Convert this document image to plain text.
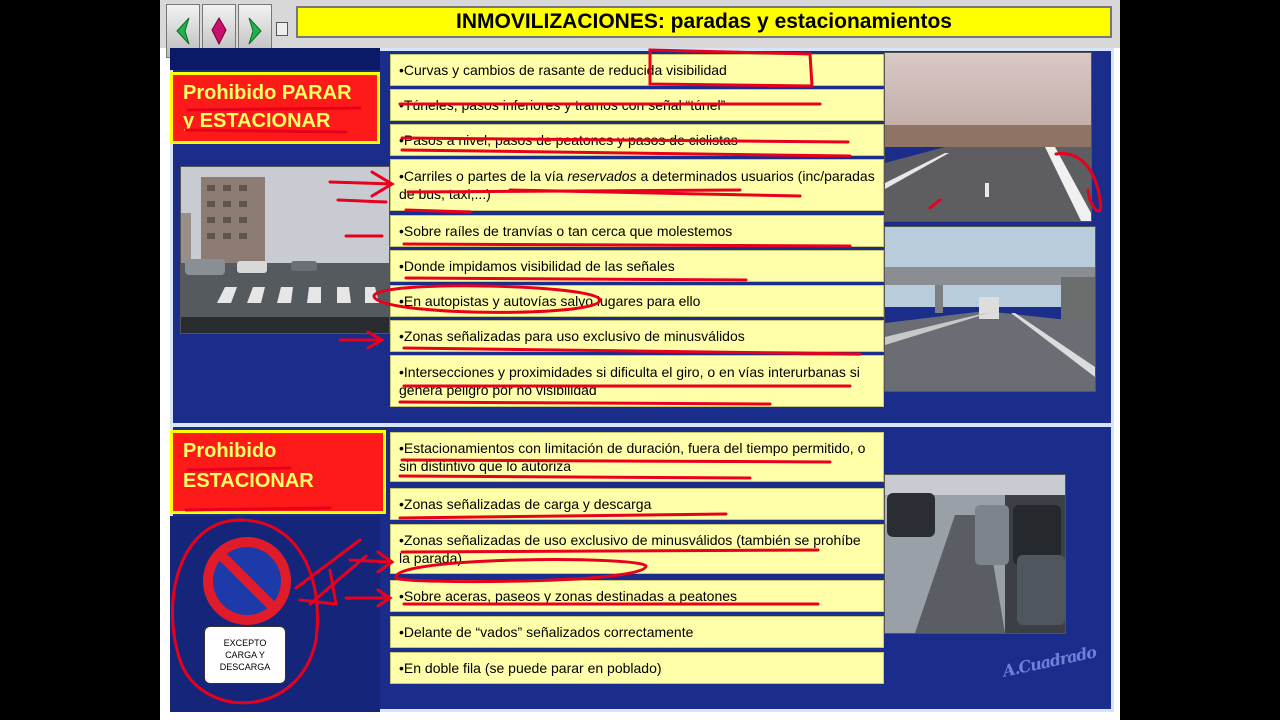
INMOVILIZACIONES: paradas y estacionamientos
Prohibido PARAR
y ESTACIONAR
Prohibido
ESTACIONAR
•Curvas y cambios de rasante de reducida visibilidad
•Túneles, pasos inferiores y tramos con señal “túnel”
•Pasos a nivel, pasos de peatones y pasos de ciclistas
•Carriles o partes de la vía reservados a determinados usuarios (inc/paradas de bus, taxi,...)
•Sobre raíles de tranvías o tan cerca que molestemos
•Donde impidamos visibilidad de las señales
•En autopistas y autovías salvo lugares para ello
•Zonas señalizadas para uso exclusivo de minusválidos
•Intersecciones y proximidades si dificulta el giro, o en vías interurbanas si genera peligro por no visibilidad
•Estacionamientos con limitación de duración, fuera del tiempo permitido, o sin distintivo que lo autoriza
•Zonas señalizadas de carga y descarga
•Zonas señalizadas de uso exclusivo de minusválidos (también se prohíbe la parada)
•Sobre aceras, paseos y zonas destinadas a peatones
•Delante de “vados” señalizados correctamente
•En doble fila (se puede parar en poblado)
EXCEPTO CARGA Y DESCARGA	A.Cuadrado
